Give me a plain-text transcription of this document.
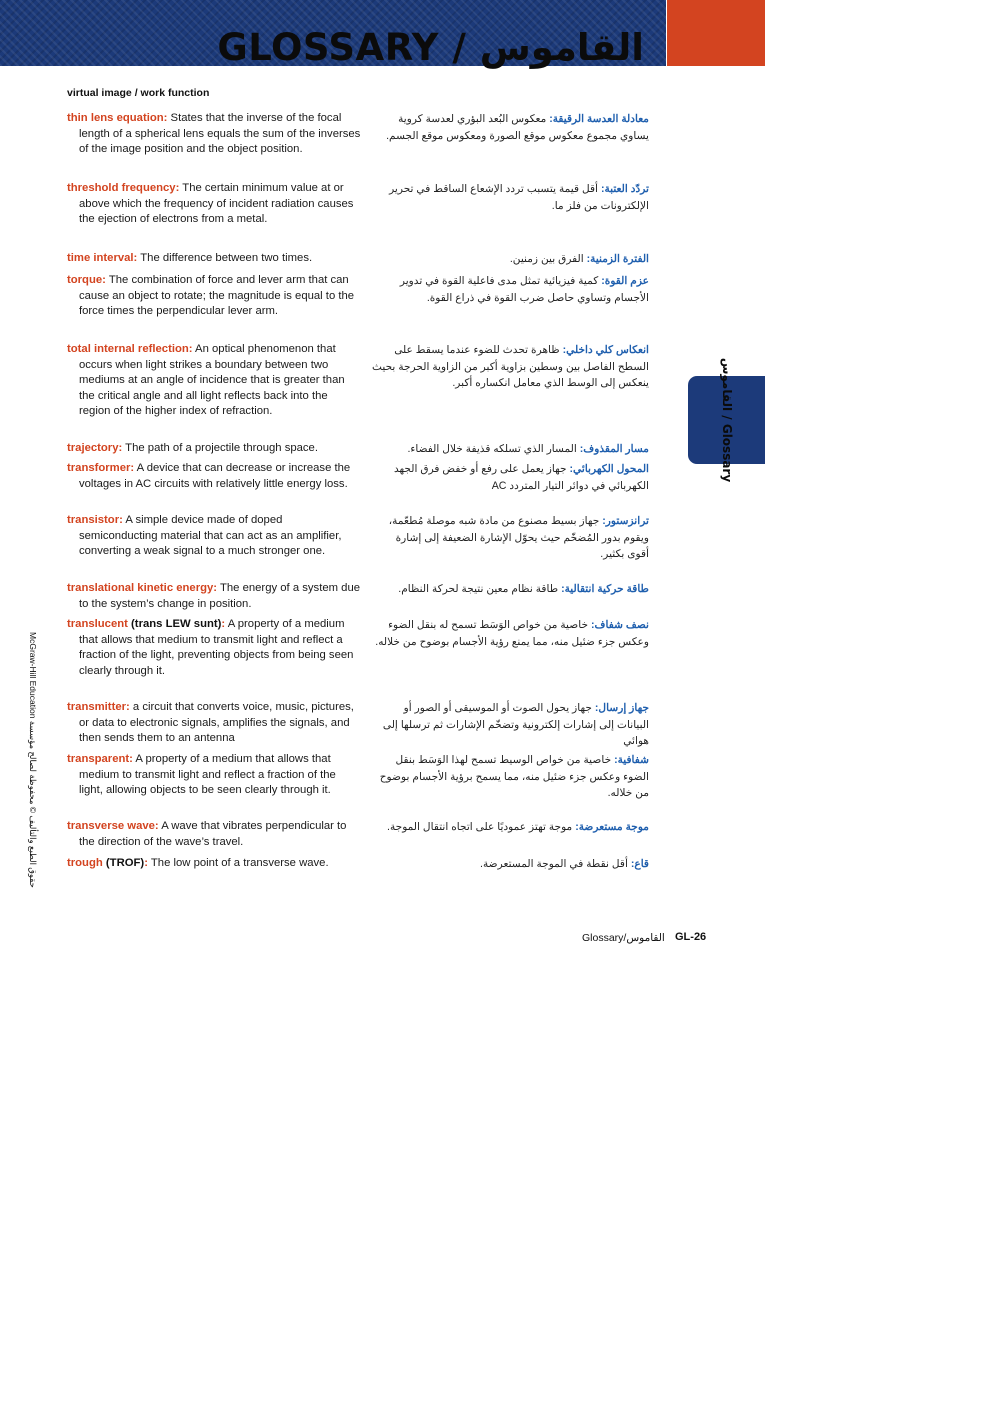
GLOSSARY / القاموس
virtual image / work function
القاموس / Glossary
McGraw-Hill Education حقوق الطبع والتأليف © محفوظة لصالح مؤسسة

thin lens equation: States that the inverse of the focal length of a spherical lens equals the sum of the inverses of the image position and the object position.

threshold frequency: The certain minimum value at or above which the frequency of incident radiation causes the ejection of electrons from a metal.

time interval: The difference between two times.

torque: The combination of force and lever arm that can cause an object to rotate; the magnitude is equal to the force times the perpendicular lever arm.

total internal reflection: An optical phenomenon that occurs when light strikes a boundary between two mediums at an angle of incidence that is greater than the critical angle and all light reflects back into the region of the higher index of refraction.

trajectory: The path of a projectile through space.

transformer: A device that can decrease or increase the voltages in AC circuits with relatively little energy loss.

transistor: A simple device made of doped semiconducting material that can act as an amplifier, converting a weak signal to a much stronger one.

translational kinetic energy: The energy of a system due to the system’s change in position.

translucent (trans LEW sunt): A property of a medium that allows that medium to transmit light and reflect a fraction of the light, preventing objects from being seen clearly through it.

transmitter: a circuit that converts voice, music, pictures, or data to electronic signals, amplifies the signals, and then sends them to an antenna

transparent: A property of a medium that allows that medium to transmit light and reflect a fraction of the light, allowing objects to be seen clearly through it.

transverse wave: A wave that vibrates perpendicular to the direction of the wave’s travel.

trough (TROF): The low point of a transverse wave.

معادلة العدسة الرقيقة: معكوس البُعد البؤري لعدسة كروية يساوي مجموع معكوس موقع الصورة ومعكوس موقع الجسم.

تردّد العتبة: أقل قيمة يتسبب تردد الإشعاع الساقط في تحرير الإلكترونات من فلز ما.

الفترة الزمنية: الفرق بين زمنين.

عزم القوة: كمية فيزيائية تمثل مدى فاعلية القوة في تدوير الأجسام وتساوي حاصل ضرب القوة في ذراع القوة.

انعكاس كلي داخلي: ظاهرة تحدث للضوء عندما يسقط على السطح الفاصل بين وسطين بزاوية أكبر من الزاوية الحرجة بحيث ينعكس إلى الوسط الذي معامل انكساره أكبر.

مسار المقذوف: المسار الذي تسلكه قذيفة خلال الفضاء.

المحول الكهربائي: جهاز يعمل على رفع أو خفض فرق الجهد الكهربائي في دوائر التيار المتردد AC

ترانزستور: جهاز بسيط مصنوع من مادة شبه موصلة مُطعّمة، ويقوم بدور المُضخّم حيث يحوّل الإشارة الضعيفة إلى إشارة أقوى بكثير.

طاقة حركية انتقالية: طاقة نظام معين نتيجة لحركة النظام.

نصف شفاف: خاصية من خواص الوَسَط تسمح له بنقل الضوء وعكس جزء ضئيل منه، مما يمنع رؤية الأجسام بوضوح من خلاله.

جهاز إرسال: جهاز يحول الصوت أو الموسيقى أو الصور أو البيانات إلى إشارات إلكترونية وتضخّم الإشارات ثم ترسلها إلى هوائي

شفافية: خاصية من خواص الوسيط تسمح لهذا الوَسَط بنقل الضوء وعكس جزء ضئيل منه، مما يسمح برؤية الأجسام بوضوح من خلاله.

موجة مستعرضة: موجة تهتز عموديًا على اتجاه انتقال الموجة.

قاع: أقل نقطة في الموجة المستعرضة.

Glossary/القاموس GL-26
